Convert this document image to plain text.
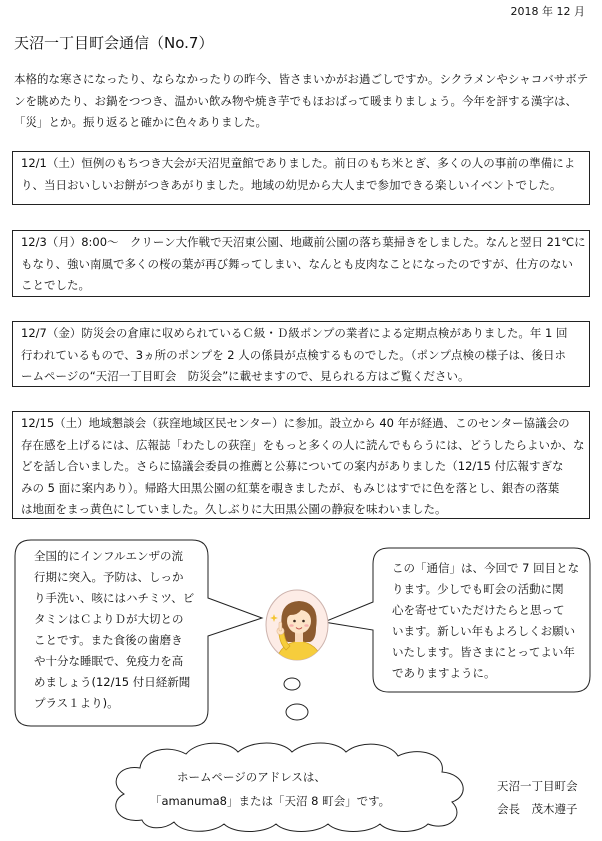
2018 年 12 月
天沼一丁目町会通信（No.7）
本格的な寒さになったり、ならなかったりの昨今、皆さまいかがお過ごしですか。シクラメンやシャコバサボテ
ンを眺めたり、お鍋をつつき、温かい飲み物や焼き芋でもほおばって暖まりましょう。今年を評する漢字は、
「災」とか。振り返ると確かに色々ありました。
12/1（土）恒例のもちつき大会が天沼児童館でありました。前日のもち米とぎ、多くの人の事前の準備によ
り、当日おいしいお餅がつきあがりました。地域の幼児から大人まで参加できる楽しいイベントでした。
12/3（月）8:00～　クリーン大作戦で天沼東公園、地蔵前公園の落ち葉掃きをしました。なんと翌日 21℃に
もなり、強い南風で多くの桜の葉が再び舞ってしまい、なんとも皮肉なことになったのですが、仕方のない
ことでした。
12/7（金）防災会の倉庫に収められているＣ級・Ｄ級ポンプの業者による定期点検がありました。年 1 回
行われているもので、3ヵ所のポンプを 2 人の係員が点検するものでした。（ポンプ点検の様子は、後日ホ
ームページの“天沼一丁目町会　防災会”に載せますので、見られる方はご覧ください。
12/15（土）地域懇談会（荻窪地域区民センター）に参加。設立から 40 年が経過、このセンター協議会の
存在感を上げるには、広報誌「わたしの荻窪」をもっと多くの人に読んでもらうには、どうしたらよいか、な
どを話し合いました。さらに協議会委員の推薦と公募についての案内がありました（12/15 付広報すぎな
みの 5 面に案内あり）。帰路大田黒公園の紅葉を覗きましたが、もみじはすでに色を落とし、銀杏の落葉
は地面をまっ黄色にしていました。久しぶりに大田黒公園の静寂を味わいました。
全国的にインフルエンザの流
行期に突入。予防は、しっか
り手洗い、咳にはハチミツ、ビ
タミンはＣよりＤが大切との
ことです。また食後の歯磨き
や十分な睡眠で、免疫力を高
めましょう(12/15 付日経新聞
プラス１より)。
この「通信」は、今回で 7 回目とな
ります。少しでも町会の活動に関
心を寄せていただけたらと思って
います。新しい年もよろしくお願い
いたします。皆さまにとってよい年
でありますように。
ホームページのアドレスは、
「amanuma8」または「天沼 8 町会」です。
天沼一丁目町会
会長　茂木遵子
